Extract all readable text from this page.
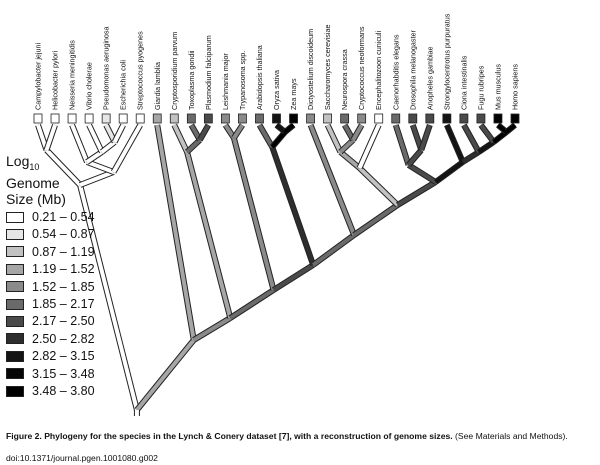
Campylobacter jejuni Helicobacter pylori Neisseria meningitidis Vibrio cholerae Pseudomonas aeruginosa Escherichia coli Streptococcus pyogenes Giardia lamblia Cryptosporidium parvum Toxoplasma gondii Plasmodium falciparum Leishmania major Trypanosoma spp. Arabidopsis thaliana Oryza sativa Zea mays Dictyostelium discoideum Saccharomyces cerevisiae Neurospora crassa Cryptococcus neoformans Encephalitozoon cuniculi Caenorhabditis elegans Drosophila melanogaster Anopheles gambiae Strongylocentrotus purpuratus Ciona intestinalis Fugu rubripes Mus musculus Homo sapiens
Log$_{10}$
Genome
Size (Mb)
0.21 – 0.54
0.54 – 0.87
0.87 – 1.19
1.19 – 1.52
1.52 – 1.85
1.85 – 2.17
2.17 – 2.50
2.50 – 2.82
2.82 – 3.15
3.15 – 3.48
3.48 – 3.80
Figure 2. Phylogeny for the species in the Lynch & Conery dataset [7], with a reconstruction of genome sizes. (See Materials and Methods).
doi:10.1371/journal.pgen.1001080.g002
